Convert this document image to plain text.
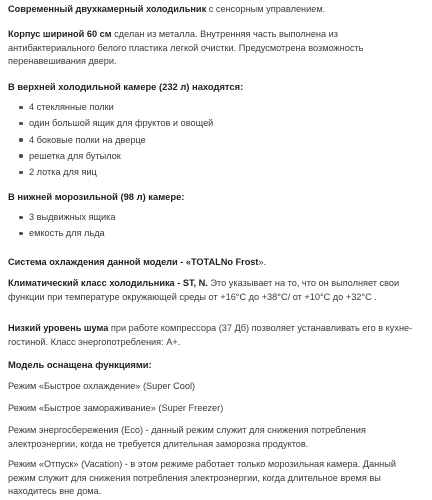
Современный двухкамерный холодильник с сенсорным управлением.

Корпус шириной 60 см сделан из металла. Внутренняя часть выполнена из антибактериального белого пластика легкой очистки. Предусмотрена возможность перенавешивания двери.

В верхней холодильной камере (232 л) находятся:

4 стеклянные полки
один большой ящик для фруктов и овощей
4 боковые полки на дверце
решетка для бутылок
2 лотка для яиц

В нижней морозильной (98 л) камере:

3 выдвижных ящика
емкость для льда

Система охлаждения данной модели - «TOTALNo Frost».

Климатический класс холодильника - ST, N. Это указывает на то, что он выполняет свои функции при температуре окружающей среды от +16°С до +38°С/ от +10°С до +32°С .

Низкий уровень шума при работе компрессора (37 Дб) позволяет устанавливать его в кухне-гостиной. Класс энергопотребления: А+.

Модель оснащена функциями:

Режим «Быстрое охлаждение» (Super Cool)

Режим «Быстрое замораживание» (Super Freezer)

Режим энергосбережения (Eco) - данный режим служит для снижения потребления электроэнергии, когда не требуется длительная заморозка продуктов.

Режим «Отпуск» (Vacation) - в этом режиме работает только морозильная камера. Данный режим служит для снижения потребления электроэнергии, когда длительное время вы находитесь вне дома.
